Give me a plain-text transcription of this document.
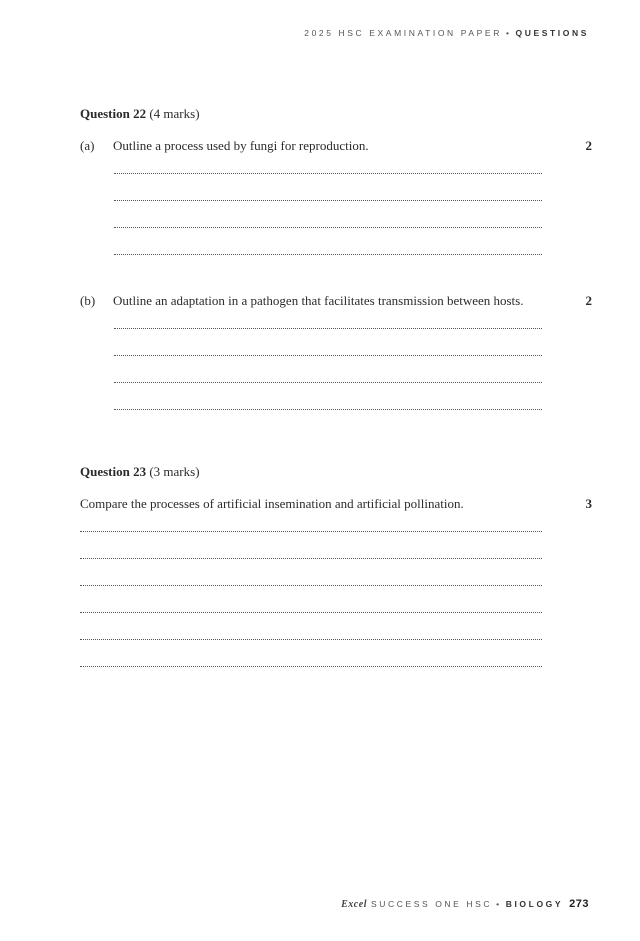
2025 HSC EXAMINATION PAPER • QUESTIONS
Question 22 (4 marks)
(a) Outline a process used by fungi for reproduction.	2
(b) Outline an adaptation in a pathogen that facilitates transmission between hosts.	2
Question 23 (3 marks)
Compare the processes of artificial insemination and artificial pollination.	3
Excel SUCCESS ONE HSC • BIOLOGY 273
